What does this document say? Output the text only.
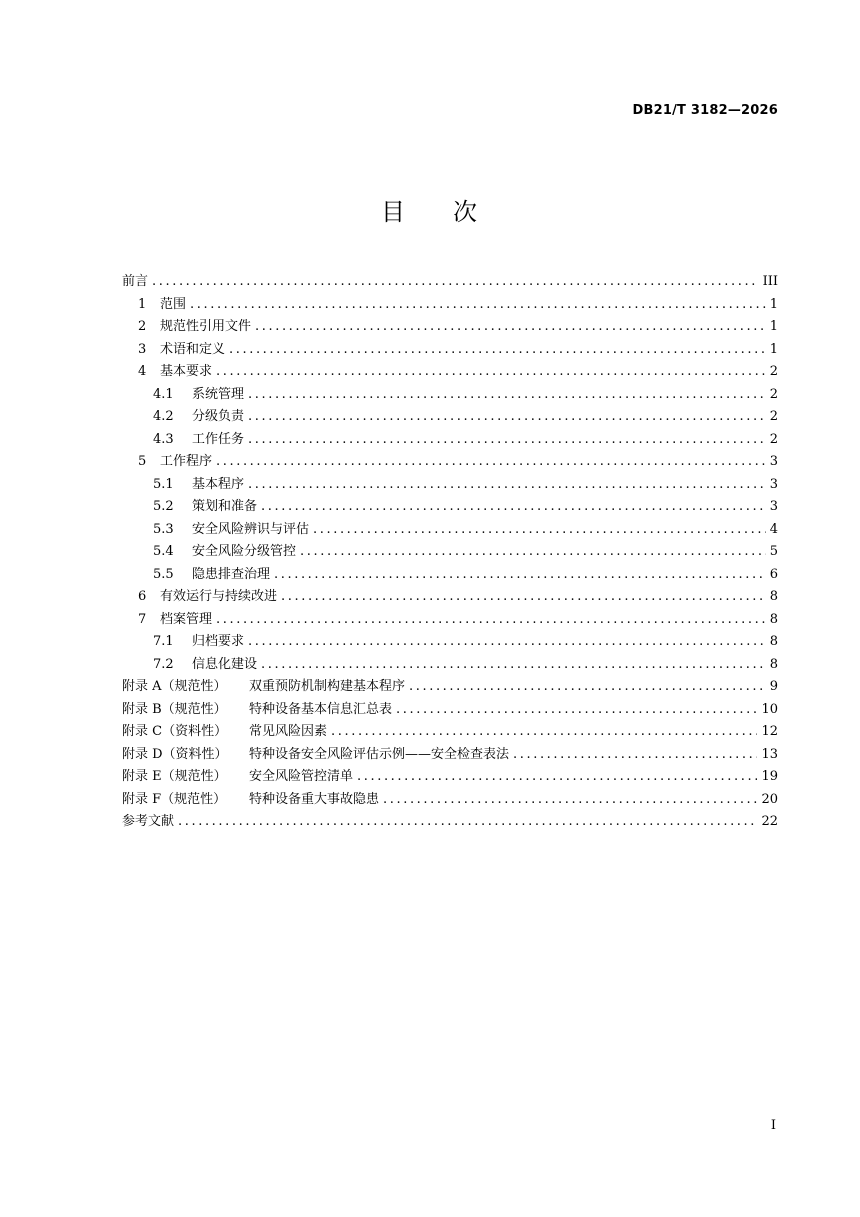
DB21/T 3182—2026
目 次
前言 .....	III
1	范围 .....	1
2	规范性引用文件 .....	1
3	术语和定义 .....	1
4	基本要求 .....	2
4.1	系统管理 .....	2
4.2	分级负责 .....	2
4.3	工作任务 .....	2
5	工作程序 .....	3
5.1	基本程序 .....	3
5.2	策划和准备 .....	3
5.3	安全风险辨识与评估 .....	4
5.4	安全风险分级管控 .....	5
5.5	隐患排查治理 .....	6
6	有效运行与持续改进 .....	8
7	档案管理 .....	8
7.1	归档要求 .....	8
7.2	信息化建设 .....	8
附录 A（规范性）	双重预防机制构建基本程序 .....	9
附录 B（规范性）	特种设备基本信息汇总表 .....	10
附录 C（资料性）	常见风险因素 .....	12
附录 D（资料性）	特种设备安全风险评估示例——安全检查表法 .....	13
附录 E（规范性）	安全风险管控清单 .....	19
附录 F（规范性）	特种设备重大事故隐患 .....	20
参考文献 .....	22
I
